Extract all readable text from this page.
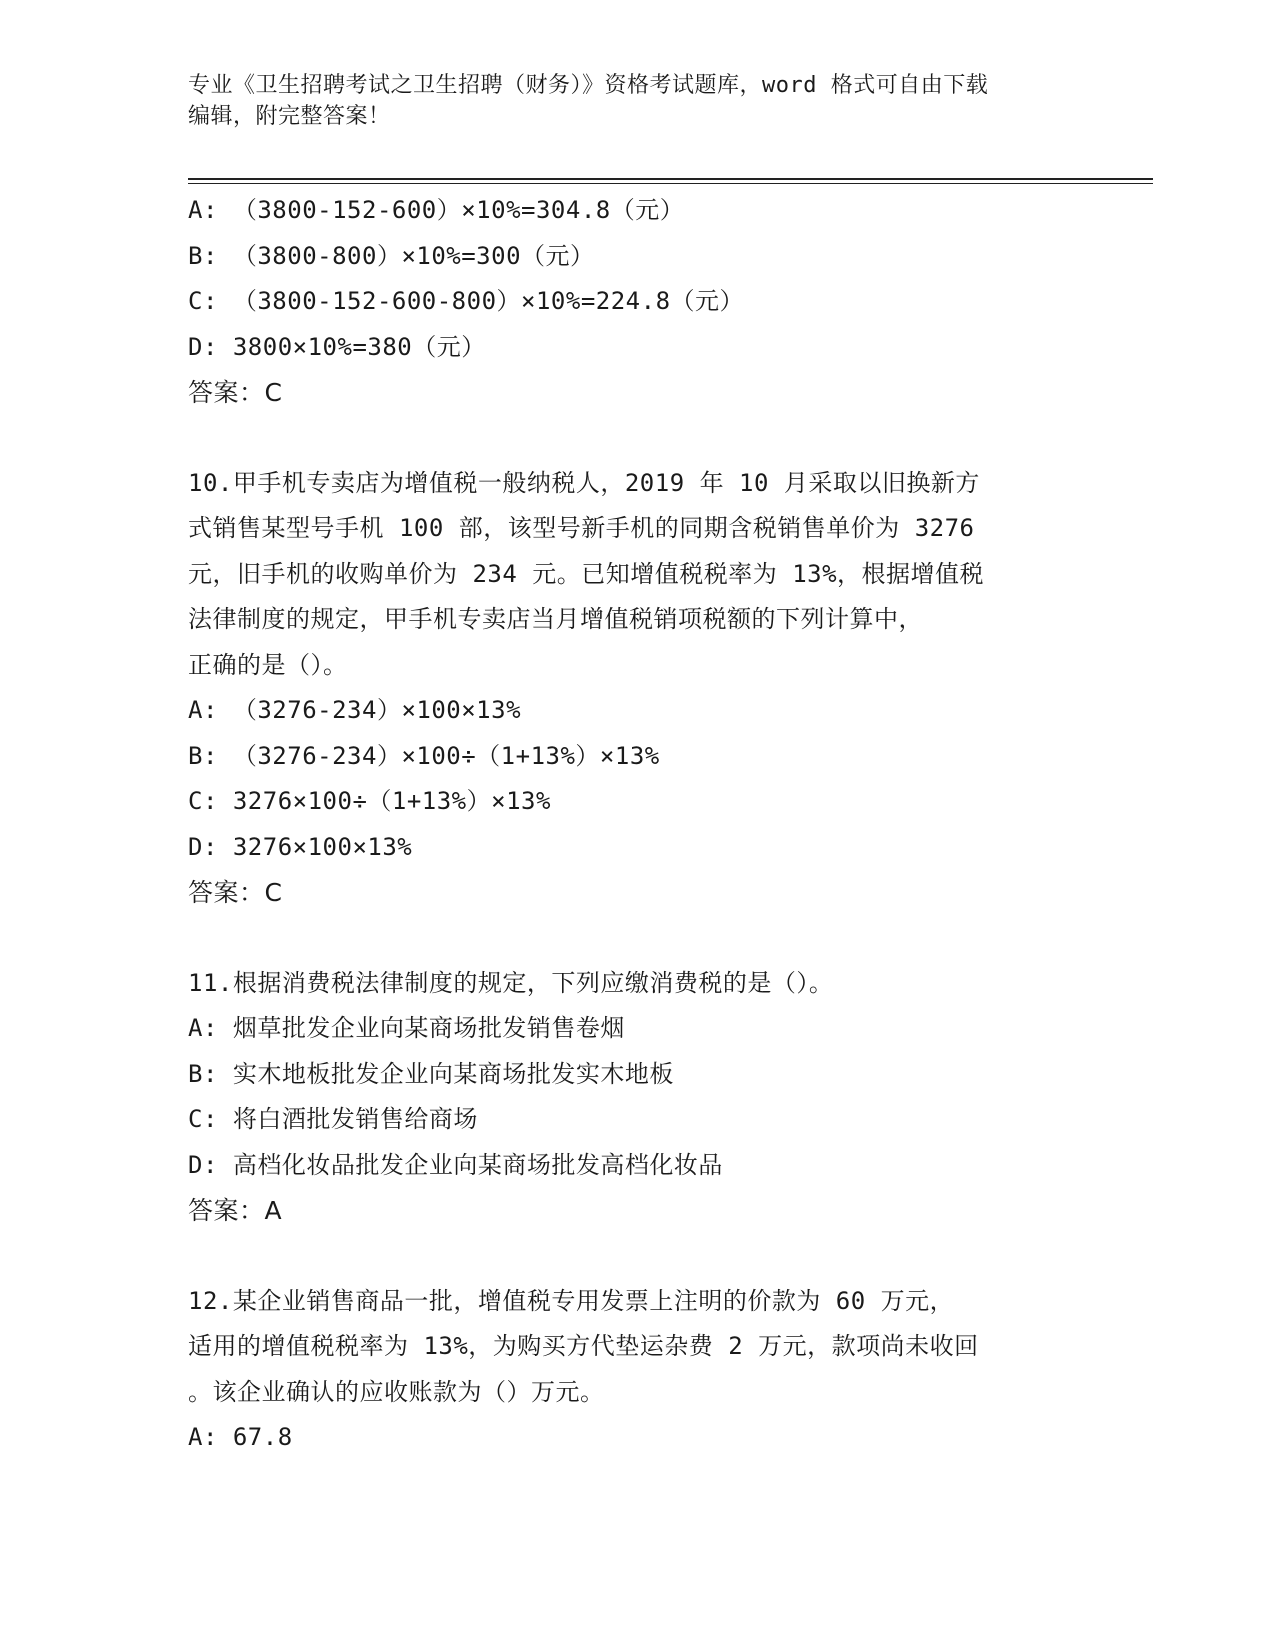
专业《卫生招聘考试之卫生招聘（财务）》资格考试题库，word 格式可自由下载
编辑，附完整答案！
A: （3800-152-600）×10%=304.8（元）
B: （3800-800）×10%=300（元）
C: （3800-152-600-800）×10%=224.8（元）
D: 3800×10%=380（元）
答案：C
10.甲手机专卖店为增值税一般纳税人，2019 年 10 月采取以旧换新方
式销售某型号手机 100 部，该型号新手机的同期含税销售单价为 3276
元，旧手机的收购单价为 234 元。已知增值税税率为 13%，根据增值税
法律制度的规定，甲手机专卖店当月增值税销项税额的下列计算中，
正确的是（）。
A: （3276-234）×100×13%
B: （3276-234）×100÷（1+13%）×13%
C: 3276×100÷（1+13%）×13%
D: 3276×100×13%
答案：C
11.根据消费税法律制度的规定，下列应缴消费税的是（）。
A: 烟草批发企业向某商场批发销售卷烟
B: 实木地板批发企业向某商场批发实木地板
C: 将白酒批发销售给商场
D: 高档化妆品批发企业向某商场批发高档化妆品
答案：A
12.某企业销售商品一批，增值税专用发票上注明的价款为 60 万元，
适用的增值税税率为 13%，为购买方代垫运杂费 2 万元，款项尚未收回
。该企业确认的应收账款为（）万元。
A: 67.8
